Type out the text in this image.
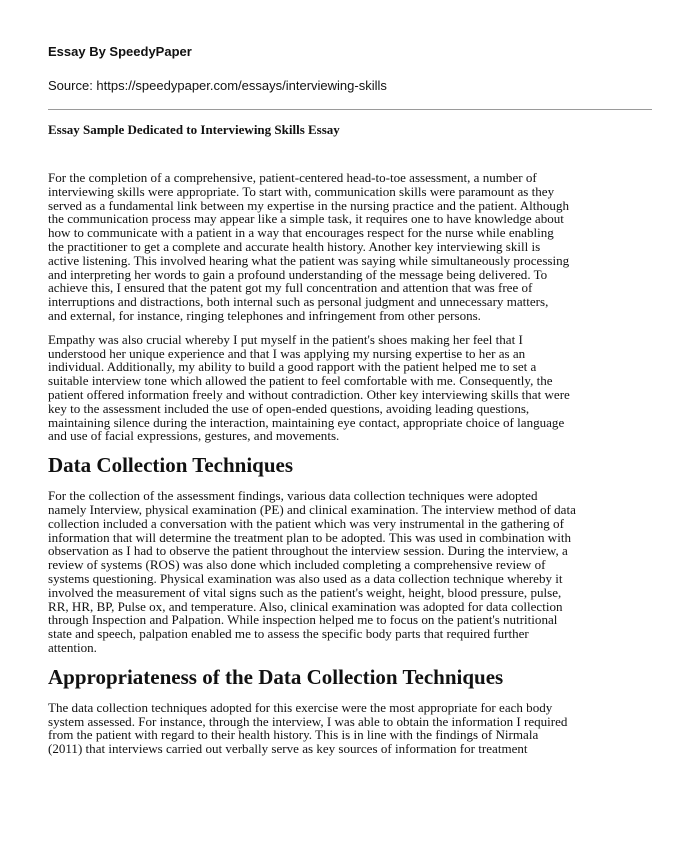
Essay By SpeedyPaper
Source: https://speedypaper.com/essays/interviewing-skills
Essay Sample Dedicated to Interviewing Skills Essay

For the completion of a comprehensive, patient-centered head-to-toe assessment, a number of
interviewing skills were appropriate. To start with, communication skills were paramount as they
served as a fundamental link between my expertise in the nursing practice and the patient. Although
the communication process may appear like a simple task, it requires one to have knowledge about
how to communicate with a patient in a way that encourages respect for the nurse while enabling
the practitioner to get a complete and accurate health history. Another key interviewing skill is
active listening. This involved hearing what the patient was saying while simultaneously processing
and interpreting her words to gain a profound understanding of the message being delivered. To
achieve this, I ensured that the patent got my full concentration and attention that was free of
interruptions and distractions, both internal such as personal judgment and unnecessary matters,
and external, for instance, ringing telephones and infringement from other persons.

Empathy was also crucial whereby I put myself in the patient's shoes making her feel that I
understood her unique experience and that I was applying my nursing expertise to her as an
individual. Additionally, my ability to build a good rapport with the patient helped me to set a
suitable interview tone which allowed the patient to feel comfortable with me. Consequently, the
patient offered information freely and without contradiction. Other key interviewing skills that were
key to the assessment included the use of open-ended questions, avoiding leading questions,
maintaining silence during the interaction, maintaining eye contact, appropriate choice of language
and use of facial expressions, gestures, and movements.

Data Collection Techniques

For the collection of the assessment findings, various data collection techniques were adopted
namely Interview, physical examination (PE) and clinical examination. The interview method of data
collection included a conversation with the patient which was very instrumental in the gathering of
information that will determine the treatment plan to be adopted. This was used in combination with
observation as I had to observe the patient throughout the interview session. During the interview, a
review of systems (ROS) was also done which included completing a comprehensive review of
systems questioning. Physical examination was also used as a data collection technique whereby it
involved the measurement of vital signs such as the patient's weight, height, blood pressure, pulse,
RR, HR, BP, Pulse ox, and temperature. Also, clinical examination was adopted for data collection
through Inspection and Palpation. While inspection helped me to focus on the patient's nutritional
state and speech, palpation enabled me to assess the specific body parts that required further
attention.

Appropriateness of the Data Collection Techniques

The data collection techniques adopted for this exercise were the most appropriate for each body
system assessed. For instance, through the interview, I was able to obtain the information I required
from the patient with regard to their health history. This is in line with the findings of Nirmala
(2011) that interviews carried out verbally serve as key sources of information for treatment
